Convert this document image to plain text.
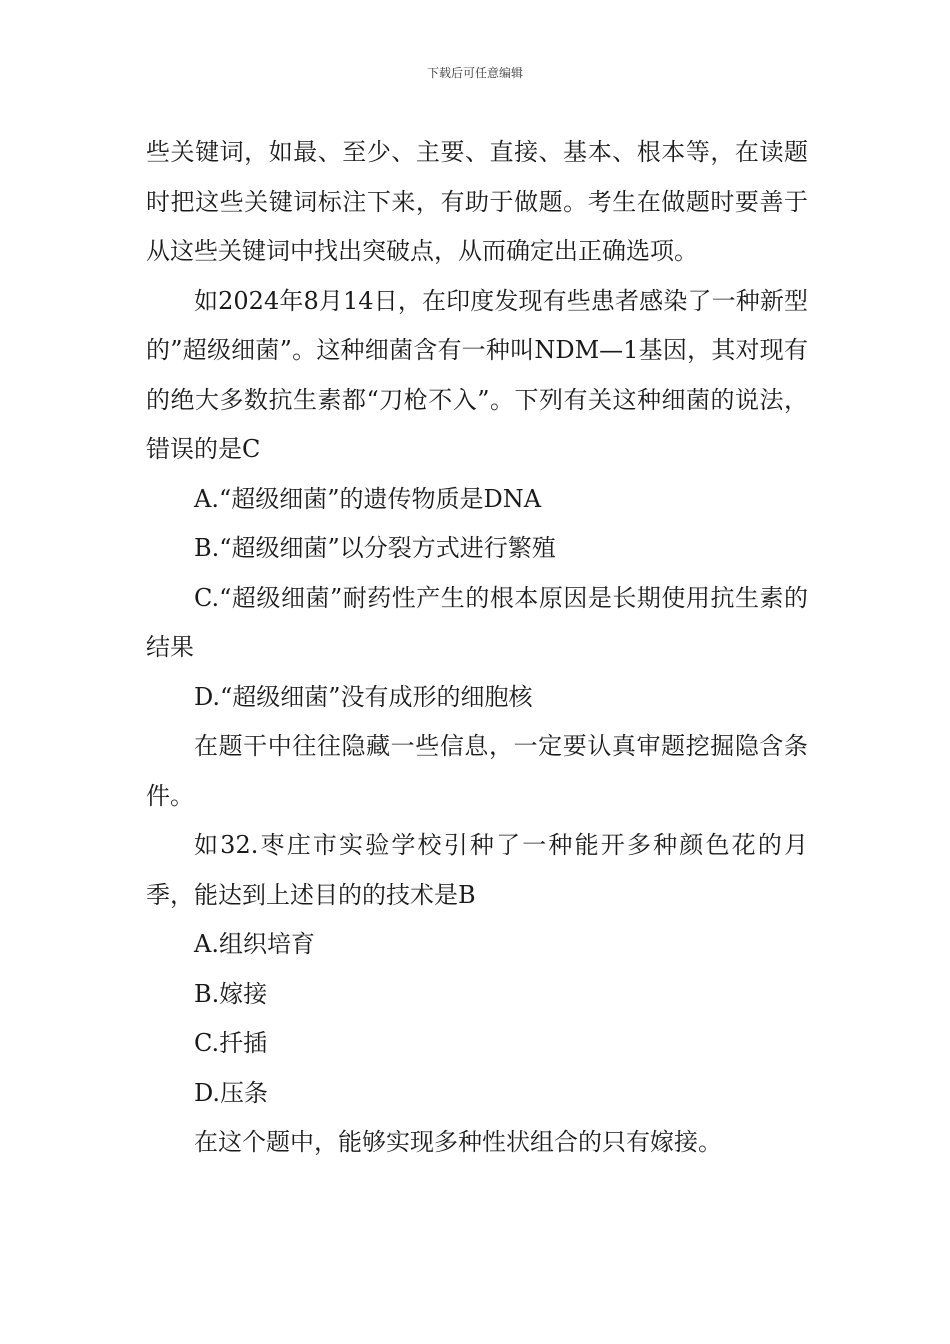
下载后可任意编辑

些关键词，如最、至少、主要、直接、基本、根本等，在读题时把这些关键词标注下来，有助于做题。考生在做题时要善于从这些关键词中找出突破点，从而确定出正确选项。

如2024年8月14日，在印度发现有些患者感染了一种新型的”超级细菌”。这种细菌含有一种叫NDM—1基因，其对现有的绝大多数抗生素都“刀枪不入”。下列有关这种细菌的说法，错误的是C

A.“超级细菌”的遗传物质是DNA

B.“超级细菌”以分裂方式进行繁殖

C.“超级细菌”耐药性产生的根本原因是长期使用抗生素的结果

D.“超级细菌”没有成形的细胞核

在题干中往往隐藏一些信息，一定要认真审题挖掘隐含条件。

如32.枣庄市实验学校引种了一种能开多种颜色花的月季，能达到上述目的的技术是B

A.组织培育

B.嫁接

C.扦插

D.压条

在这个题中，能够实现多种性状组合的只有嫁接。
